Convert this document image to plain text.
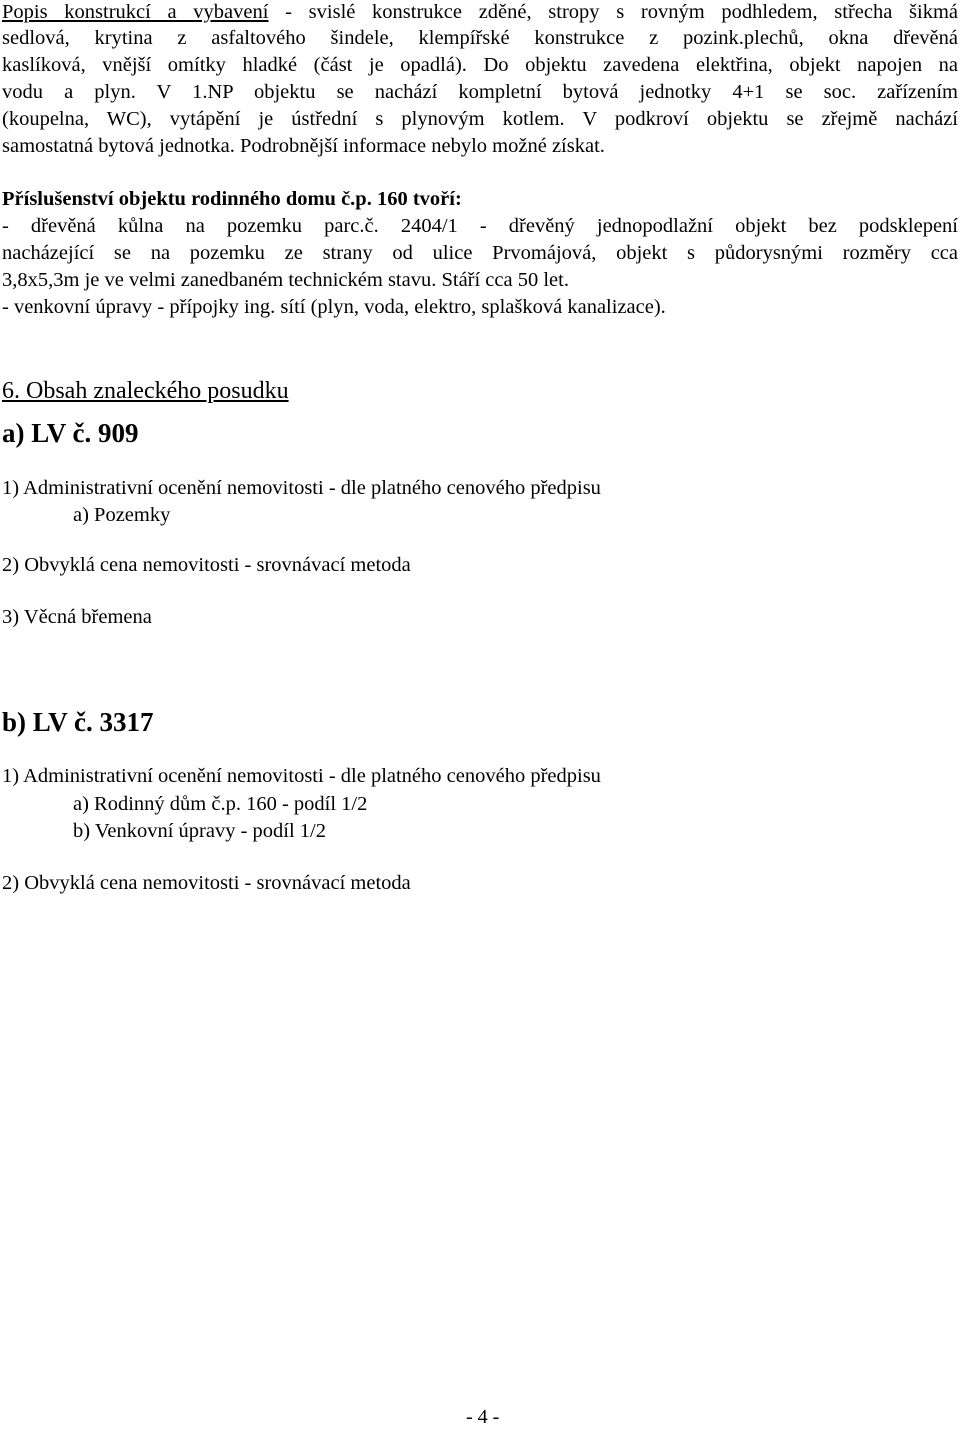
Popis konstrukcí a vybavení - svislé konstrukce zděné, stropy s rovným podhledem, střecha šikmá
sedlová, krytina z asfaltového šindele, klempířské konstrukce z pozink.plechů, okna dřevěná
kaslíková, vnější omítky hladké (část je opadlá). Do objektu zavedena elektřina, objekt napojen na
vodu a plyn. V 1.NP objektu se nachází kompletní bytová jednotky 4+1 se soc. zařízením
(koupelna, WC), vytápění je ústřední s plynovým kotlem. V podkroví objektu se zřejmě nachází
samostatná bytová jednotka. Podrobnější informace nebylo možné získat.
Příslušenství objektu rodinného domu č.p. 160 tvoří:
- dřevěná kůlna na pozemku parc.č. 2404/1 - dřevěný jednopodlažní objekt bez podsklepení
nacházející se na pozemku ze strany od ulice Prvomájová, objekt s půdorysnými rozměry cca
3,8x5,3m je ve velmi zanedbaném technickém stavu. Stáří cca 50 let.
- venkovní úpravy - přípojky ing. sítí (plyn, voda, elektro, splašková kanalizace).
6. Obsah znaleckého posudku
a) LV č. 909
1) Administrativní ocenění nemovitosti - dle platného cenového předpisu
a) Pozemky
2) Obvyklá cena nemovitosti - srovnávací metoda
3) Věcná břemena
b) LV č. 3317
1) Administrativní ocenění nemovitosti - dle platného cenového předpisu
a) Rodinný dům č.p. 160 - podíl 1/2
b) Venkovní úpravy - podíl 1/2
2) Obvyklá cena nemovitosti - srovnávací metoda
- 4 -
